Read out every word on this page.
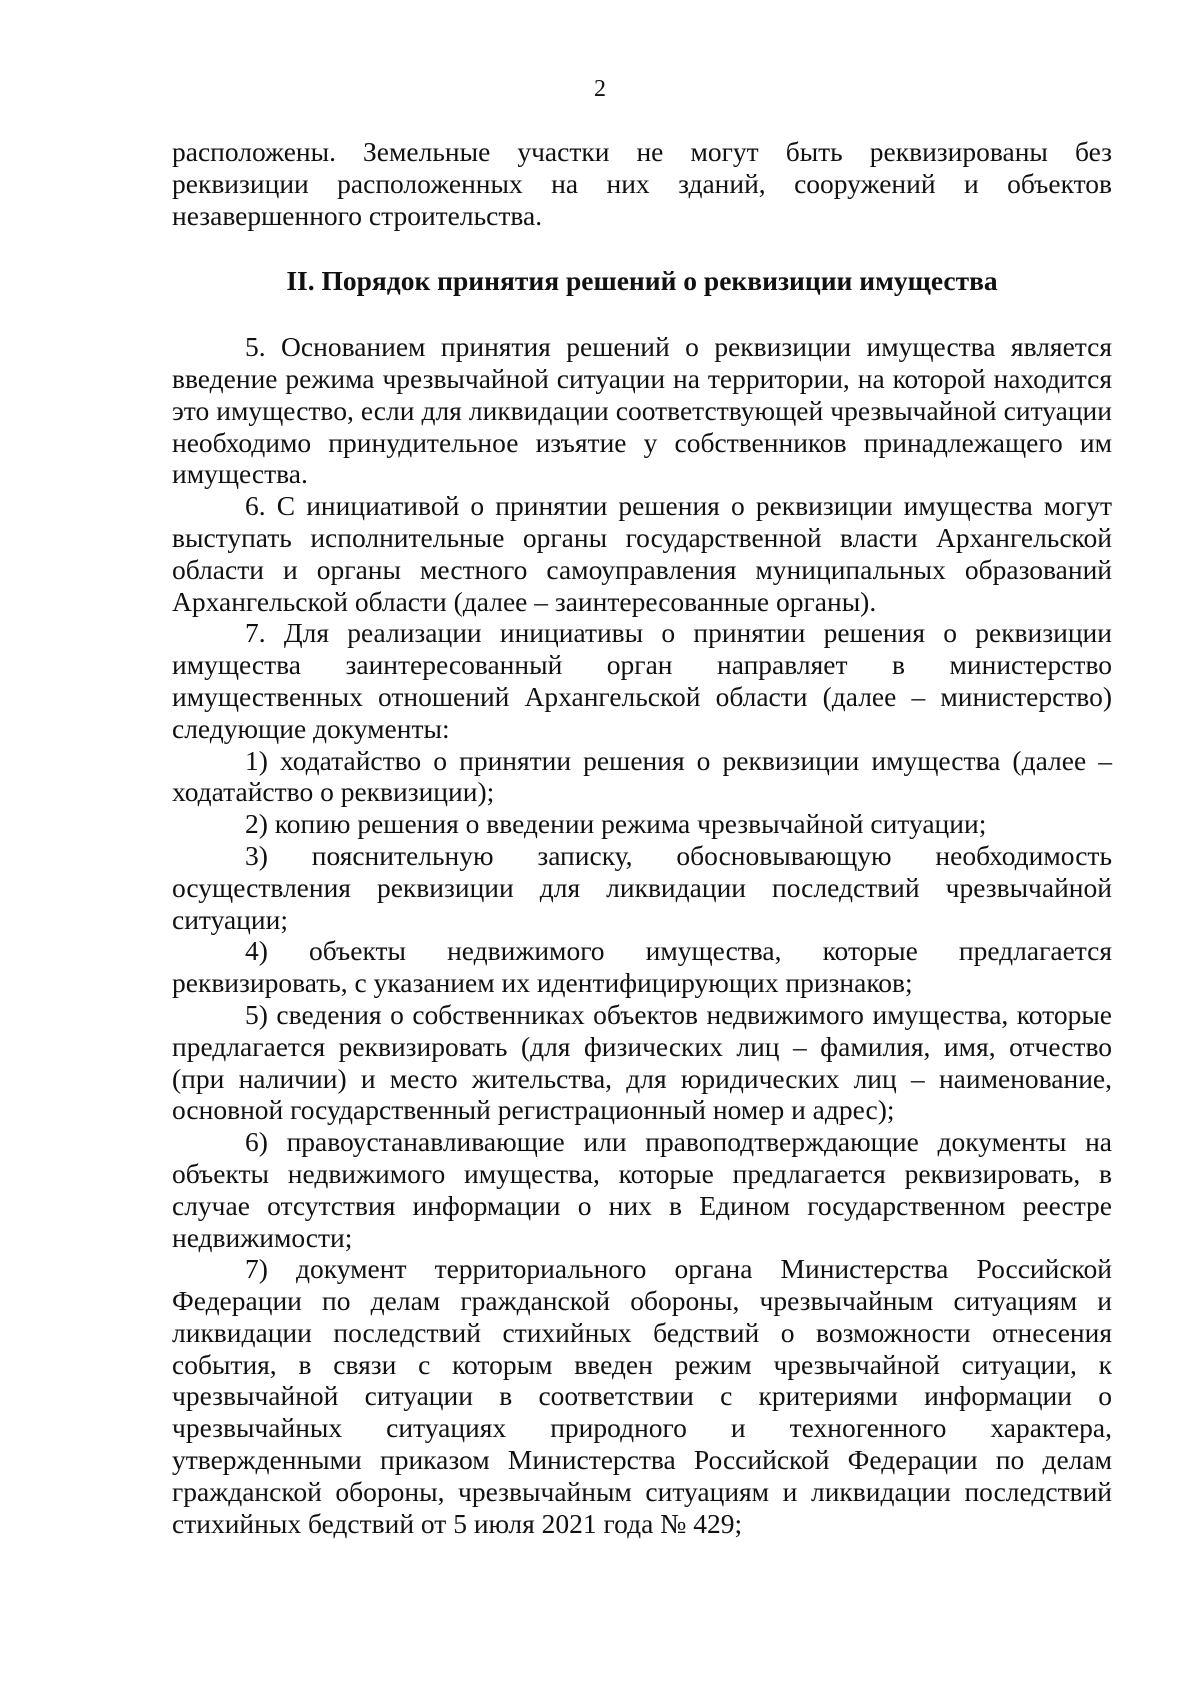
2

расположены. Земельные участки не могут быть реквизированы без реквизиции расположенных на них зданий, сооружений и объектов незавершенного строительства.

II. Порядок принятия решений о реквизиции имущества

5. Основанием принятия решений о реквизиции имущества является введение режима чрезвычайной ситуации на территории, на которой находится это имущество, если для ликвидации соответствующей чрезвычайной ситуации необходимо принудительное изъятие у собственников принадлежащего им имущества.

6. С инициативой о принятии решения о реквизиции имущества могут выступать исполнительные органы государственной власти Архангельской области и органы местного самоуправления муниципальных образований Архангельской области (далее – заинтересованные органы).

7. Для реализации инициативы о принятии решения о реквизиции имущества заинтересованный орган направляет в министерство имущественных отношений Архангельской области (далее – министерство) следующие документы:

1) ходатайство о принятии решения о реквизиции имущества (далее – ходатайство о реквизиции);

2) копию решения о введении режима чрезвычайной ситуации;

3) пояснительную записку, обосновывающую необходимость осуществления реквизиции для ликвидации последствий чрезвычайной ситуации;

4) объекты недвижимого имущества, которые предлагается реквизировать, с указанием их идентифицирующих признаков;

5) сведения о собственниках объектов недвижимого имущества, которые предлагается реквизировать (для физических лиц – фамилия, имя, отчество (при наличии) и место жительства, для юридических лиц – наименование, основной государственный регистрационный номер и адрес);

6) правоустанавливающие или правоподтверждающие документы на объекты недвижимого имущества, которые предлагается реквизировать, в случае отсутствия информации о них в Едином государственном реестре недвижимости;

7) документ территориального органа Министерства Российской Федерации по делам гражданской обороны, чрезвычайным ситуациям и ликвидации последствий стихийных бедствий о возможности отнесения события, в связи с которым введен режим чрезвычайной ситуации, к чрезвычайной ситуации в соответствии с критериями информации о чрезвычайных ситуациях природного и техногенного характера, утвержденными приказом Министерства Российской Федерации по делам гражданской обороны, чрезвычайным ситуациям и ликвидации последствий стихийных бедствий от 5 июля 2021 года № 429;
